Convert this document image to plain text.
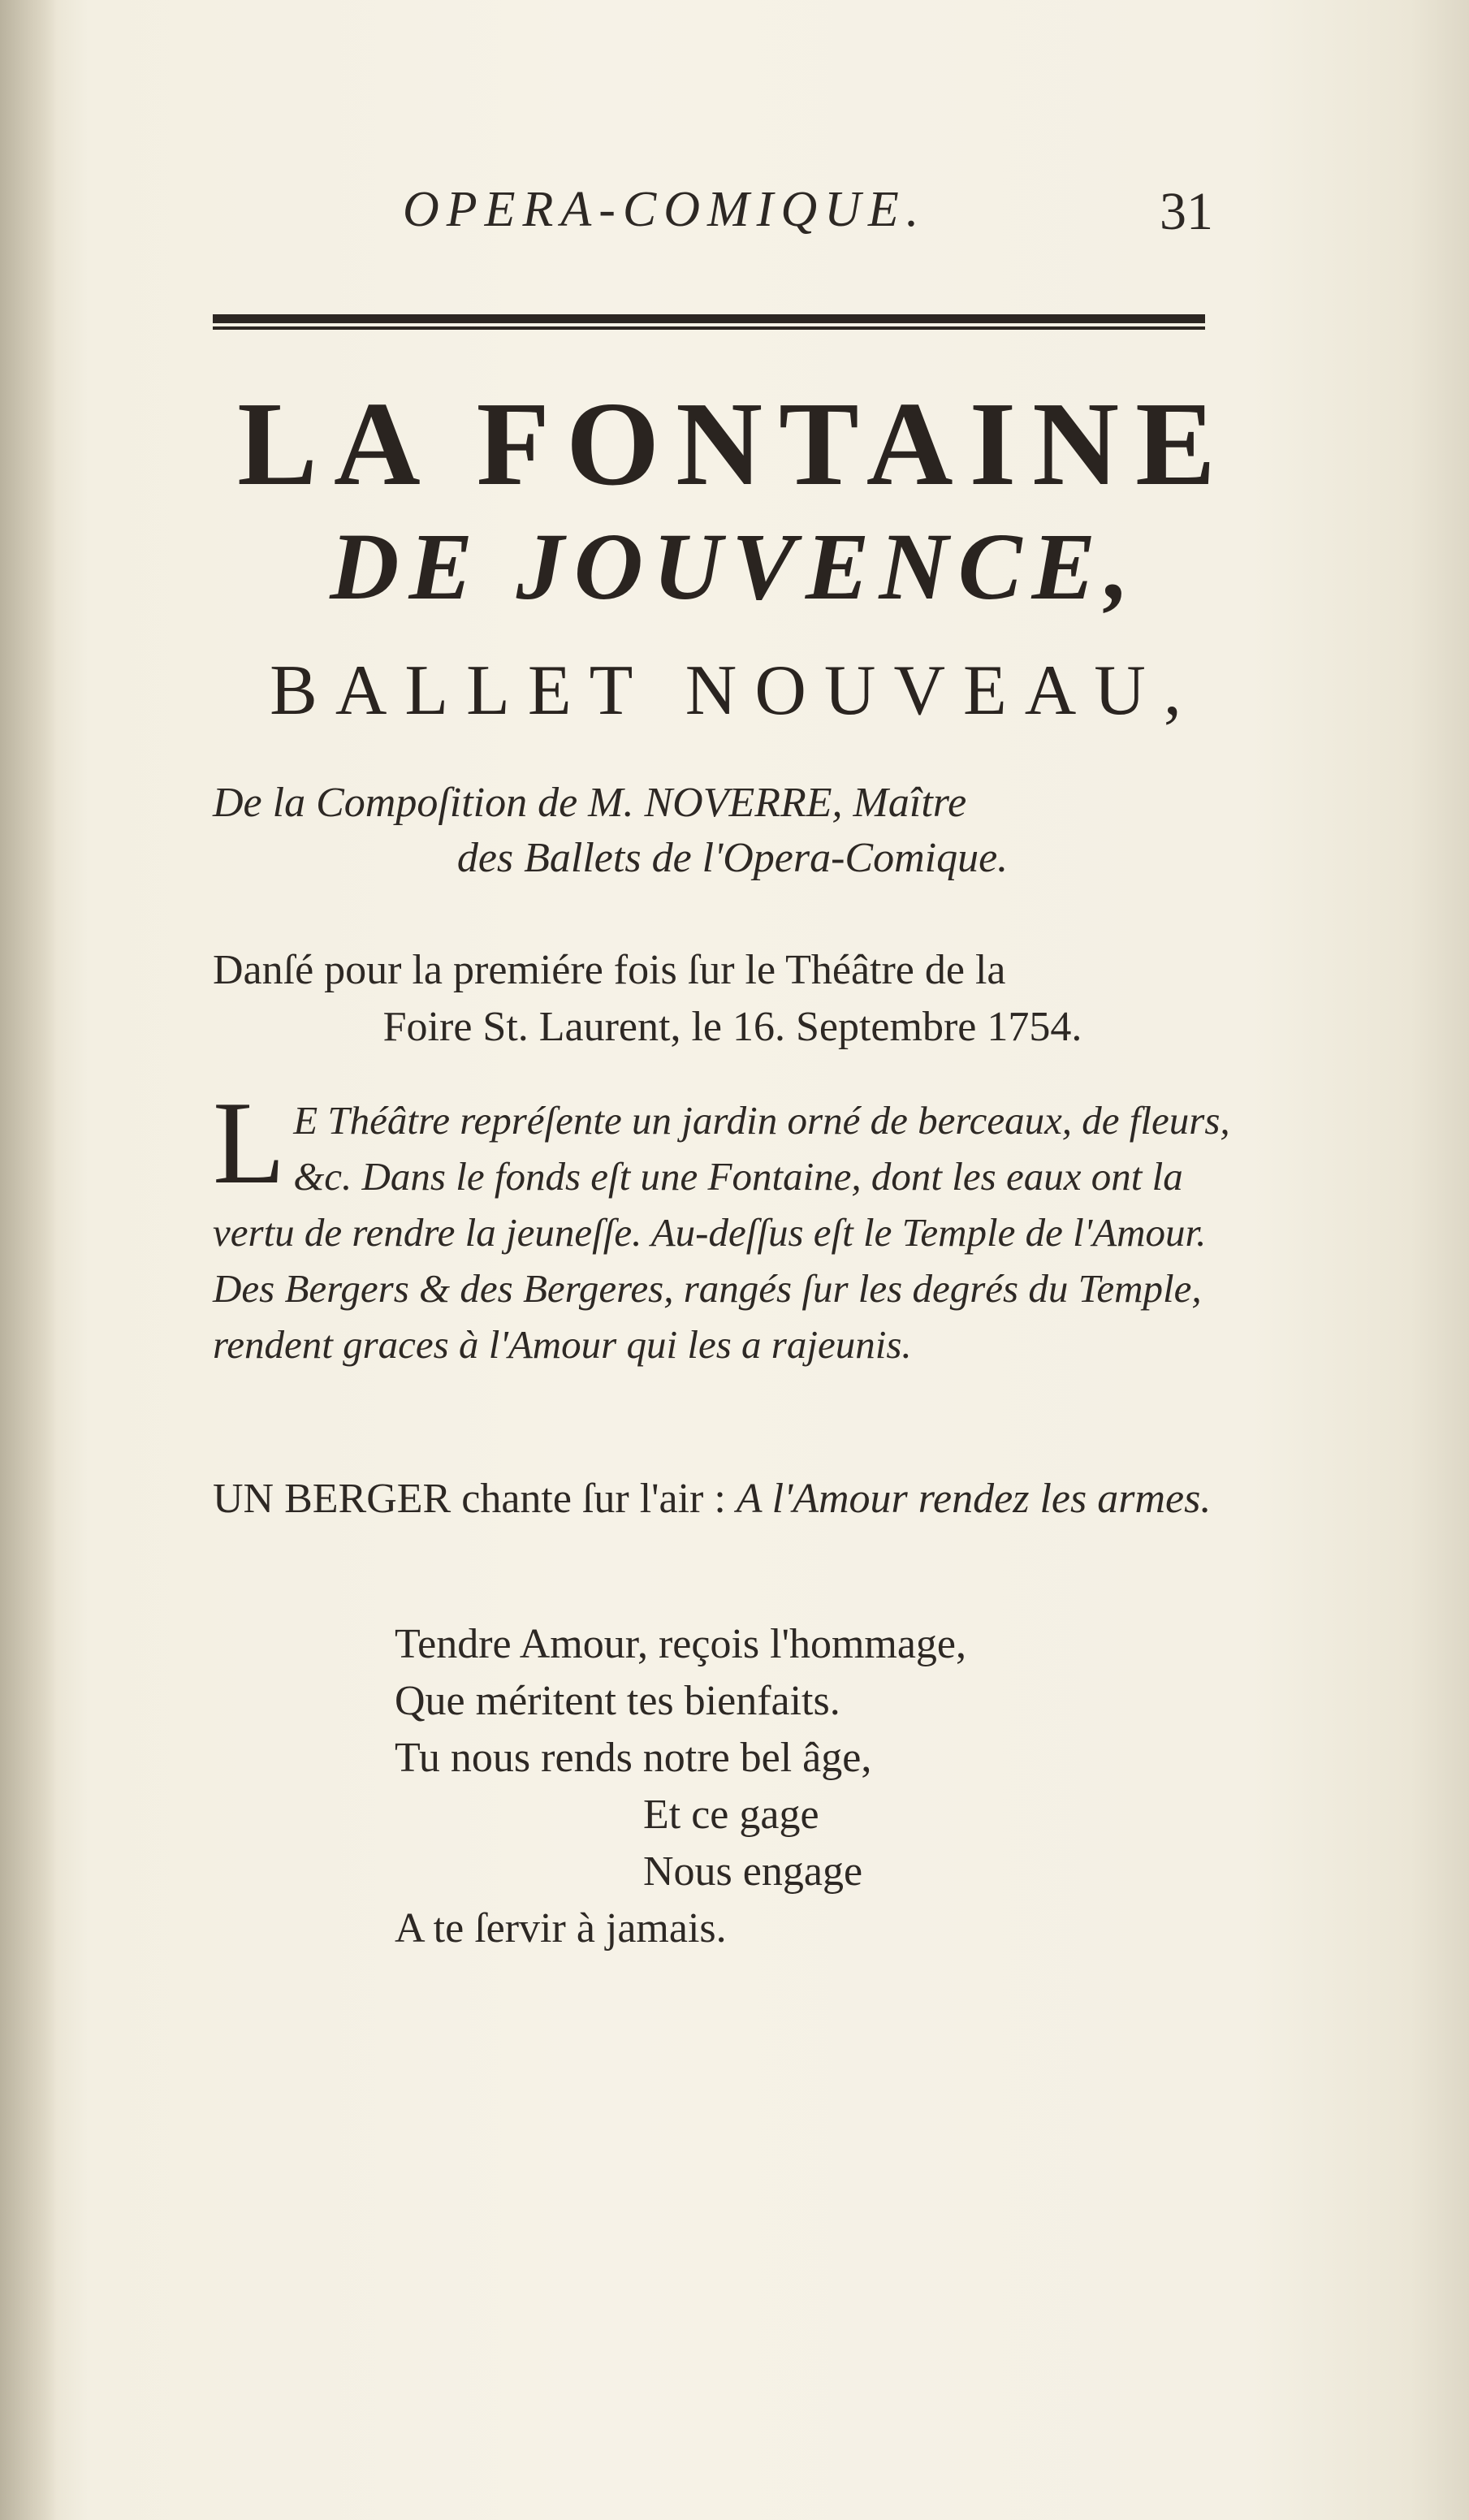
OPERA-COMIQUE.	31
LA FONTAINE
DE JOUVENCE,
BALLET NOUVEAU,
De la Compoſition de M. NOVERRE, Maître
des Ballets de l'Opera-Comique.
Danſé pour la premiére fois ſur le Théâtre de la
Foire St. Laurent, le 16. Septembre 1754.
L E Théâtre repréſente un jardin orné de berceaux, de fleurs, &c. Dans le fonds eſt une Fontaine, dont les eaux ont la vertu de rendre la jeuneſſe. Au-deſſus eſt le Temple de l'Amour. Des Bergers & des Bergeres, rangés ſur les degrés du Temple, rendent graces à l'Amour qui les a rajeunis.
UN BERGER chante ſur l'air : A l'Amour rendez les armes.
Tendre Amour, reçois l'hommage,
Que méritent tes bienfaits.
Tu nous rends notre bel âge,
Et ce gage
Nous engage
A te ſervir à jamais.
